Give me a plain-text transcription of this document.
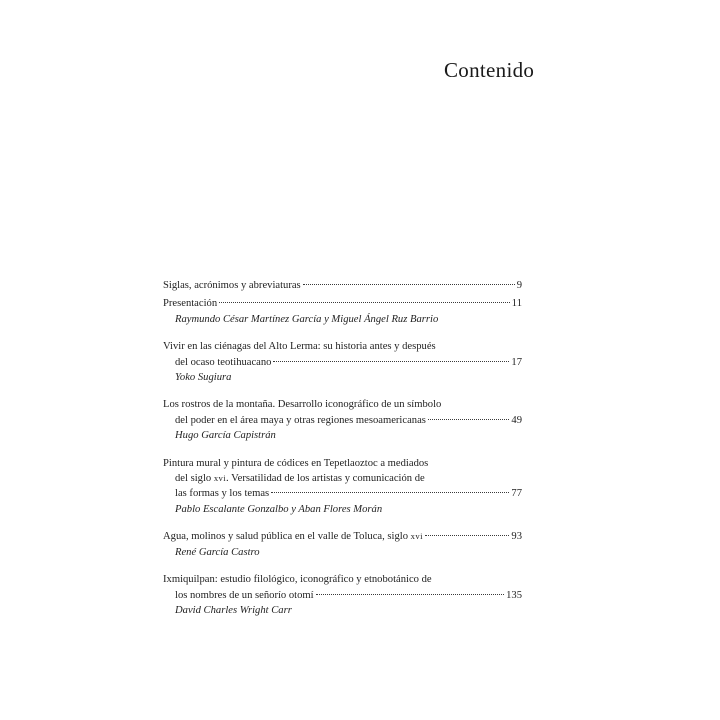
Contenido
Siglas, acrónimos y abreviaturas	9
Presentación	11
Raymundo César Martínez García y Miguel Ángel Ruz Barrio
Vivir en las ciénagas del Alto Lerma: su historia antes y después
del ocaso teotihuacano	17
Yoko Sugiura
Los rostros de la montaña. Desarrollo iconográfico de un símbolo
del poder en el área maya y otras regiones mesoamericanas	49
Hugo García Capistrán
Pintura mural y pintura de códices en Tepetlaoztoc a mediados
del siglo xvi. Versatilidad de los artistas y comunicación de
las formas y los temas	77
Pablo Escalante Gonzalbo y Aban Flores Morán
Agua, molinos y salud pública en el valle de Toluca, siglo xvi	93
René García Castro
Ixmiquilpan: estudio filológico, iconográfico y etnobotánico de
los nombres de un señorío otomí	135
David Charles Wright Carr
